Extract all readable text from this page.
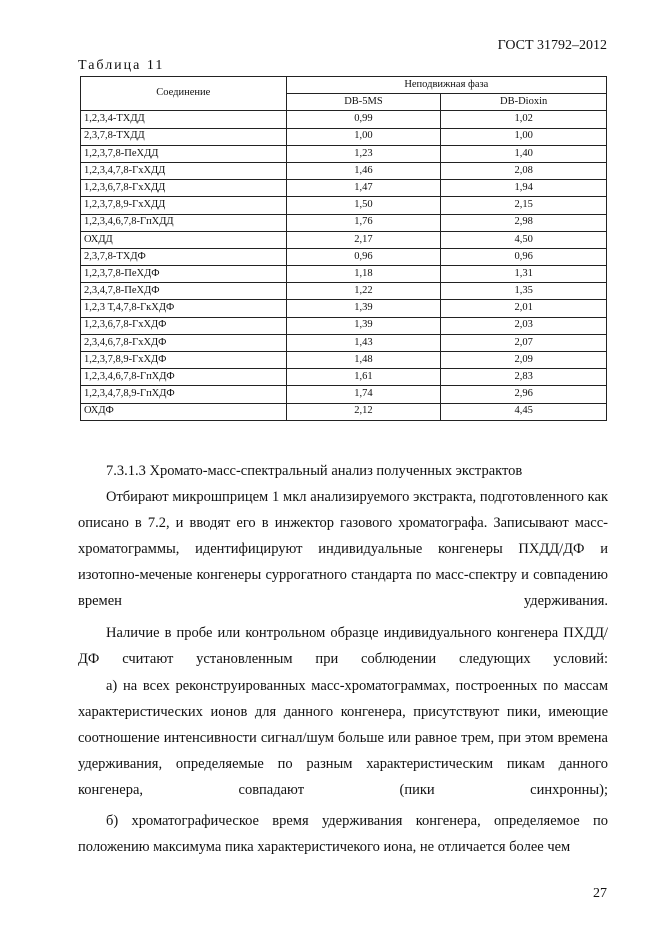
ГОСТ 31792–2012
Таблица 11
Соединение	Неподвижная фаза	
	DB-5MS	DB-Dioxin
1,2,3,4-ТХДД	0,99	1,02
2,3,7,8-ТХДД	1,00	1,00
1,2,3,7,8-ПеХДД	1,23	1,40
1,2,3,4,7,8-ГхХДД	1,46	2,08
1,2,3,6,7,8-ГхХДД	1,47	1,94
1,2,3,7,8,9-ГхХДД	1,50	2,15
1,2,3,4,6,7,8-ГпХДД	1,76	2,98
ОХДД	2,17	4,50
2,3,7,8-ТХДФ	0,96	0,96
1,2,3,7,8-ПеХДФ	1,18	1,31
2,3,4,7,8-ПеХДФ	1,22	1,35
1,2,3 Т,4,7,8-ГкХДФ	1,39	2,01
1,2,3,6,7,8-ГхХДФ	1,39	2,03
2,3,4,6,7,8-ГхХДФ	1,43	2,07
1,2,3,7,8,9-ГхХДФ	1,48	2,09
1,2,3,4,6,7,8-ГпХДФ	1,61	2,83
1,2,3,4,7,8,9-ГпХДФ	1,74	2,96
ОХДФ	2,12	4,45

7.3.1.3 Хромато-масс-спектральный анализ полученных экстрактов

Отбирают микрошприцем 1 мкл анализируемого экстракта, подготовленного как описано в 7.2, и вводят его в инжектор газового хроматографа. Записывают масс-хроматограммы, идентифицируют индивидуальные конгенеры ПХДД/ДФ и изотопно-меченые конгенеры суррогатного стандарта по масс-спектру и совпадению времен удерживания.

Наличие в пробе или контрольном образце индивидуального конгенера ПХДД/ДФ считают установленным при соблюдении следующих условий:

а) на всех реконструированных масс-хроматограммах, построенных по массам характеристических ионов для данного конгенера, присутствуют пики, имеющие соотношение интенсивности сигнал/шум больше или равное трем, при этом времена удерживания, определяемые по разным характеристическим пикам данного конгенера, совпадают (пики синхронны);

б) хроматографическое время удерживания конгенера, определяемое по положению максимума пика характеристичекого иона, не отличается более чем

27
